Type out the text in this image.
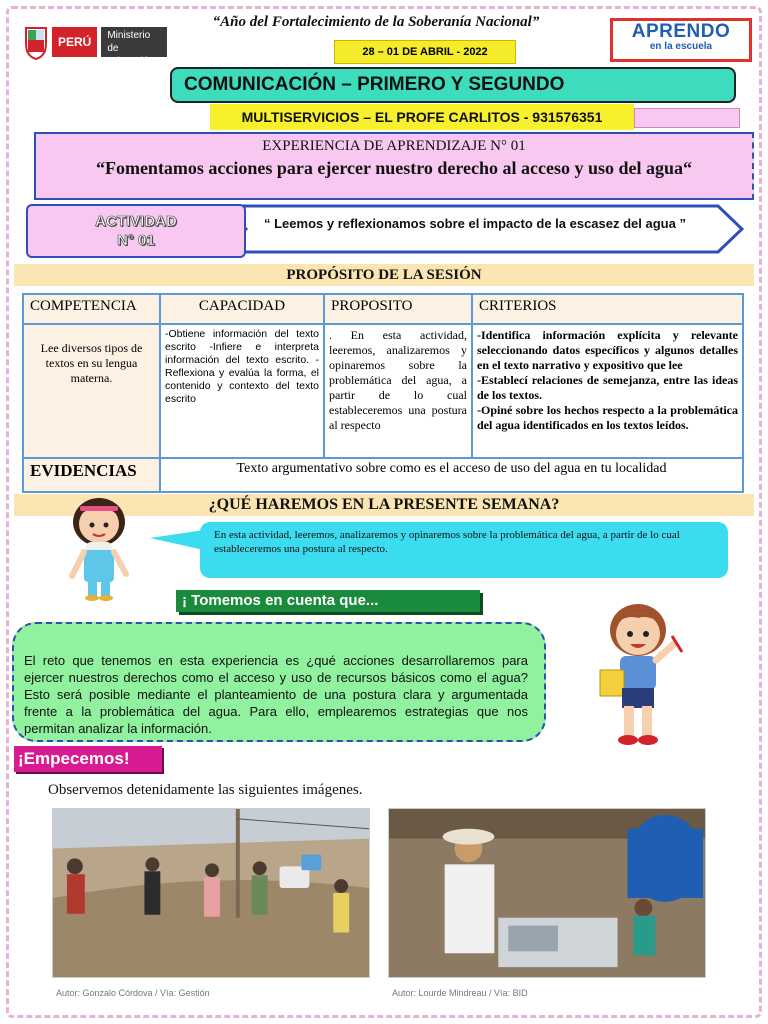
PERÚ	Ministerio de Educación
“Año del Fortalecimiento de la Soberanía Nacional”
28 – 01 DE ABRIL - 2022
APRENDO
en la escuela
COMUNICACIÓN – PRIMERO Y SEGUNDO
MULTISERVICIOS – EL PROFE CARLITOS - 931576351
EXPERIENCIA DE APRENDIZAJE N° 01
“Fomentamos acciones para ejercer nuestro derecho al acceso y uso del agua“
ACTIVIDAD
N° 01
“ Leemos y reflexionamos sobre el impacto de la escasez del agua ”
PROPÓSITO DE LA SESIÓN
COMPETENCIA	CAPACIDAD	PROPOSITO	CRITERIOS
Lee diversos tipos de textos en su lengua materna.	-Obtiene información del texto escrito -Infiere e interpreta información del texto escrito. -Reflexiona y evalúa la forma, el contenido y contexto del texto escrito	. En esta actividad, leeremos, analizaremos y opinaremos sobre la problemática del agua, a partir de lo cual estableceremos una postura al respecto	-Identifica información explícita y relevante seleccionando datos específicos y algunos detalles en el texto narrativo y expositivo que lee
-Establecí relaciones de semejanza, entre las ideas de los textos.
-Opiné sobre los hechos respecto a la problemática del agua identificados en los textos leídos.

EVIDENCIAS	Texto argumentativo sobre como es el acceso de uso del agua en tu localidad		
¿QUÉ HAREMOS EN LA PRESENTE SEMANA?
En esta actividad, leeremos, analizaremos y opinaremos sobre la problemática del agua, a partir de lo cual estableceremos una postura al respecto.
¡ Tomemos en cuenta que...
El reto que tenemos en esta experiencia es ¿qué acciones desarrollaremos para ejercer nuestros derechos como el acceso y uso de recursos básicos como el agua? Esto será posible mediante el planteamiento de una postura clara y argumentada frente a la problemática del agua. Para ello, emplearemos estrategias que nos permitan analizar la información.
¡Empecemos!
Observemos detenidamente las siguientes imágenes.
Autor: Gonzalo Córdova / Vía: Gestión	Autor: Lourde Mindreau / Vía: BID
